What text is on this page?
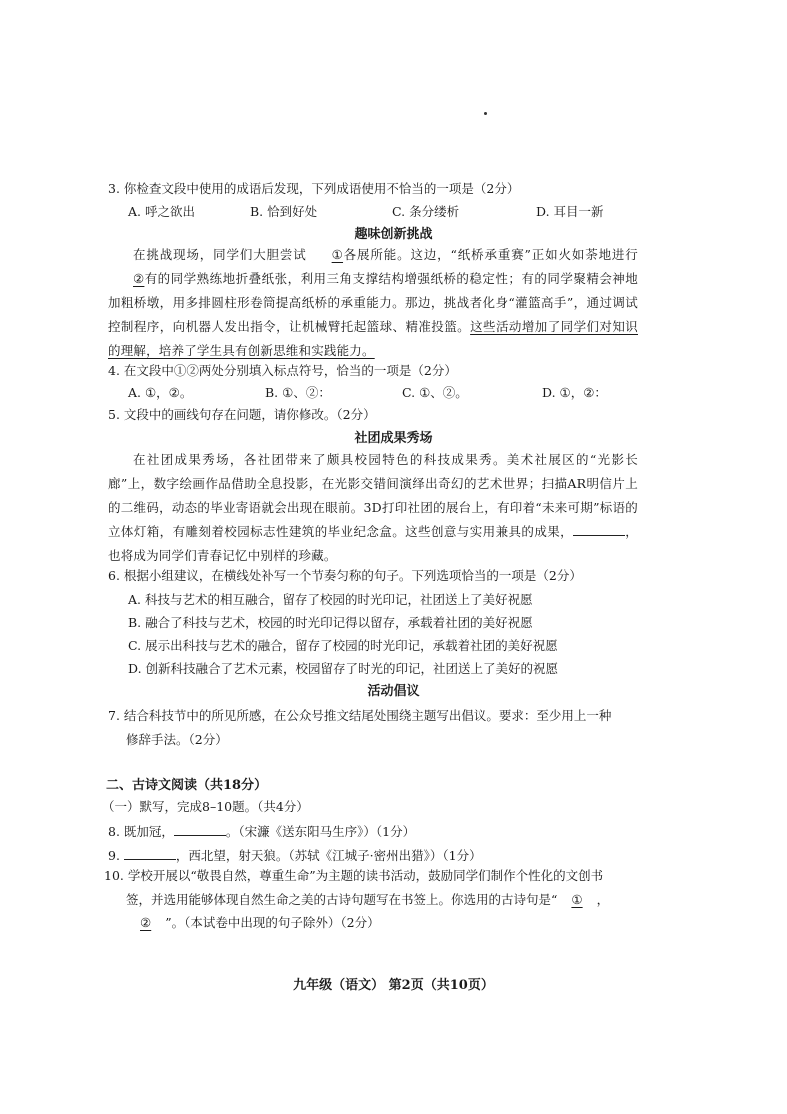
3. 你检查文段中使用的成语后发现，下列成语使用不恰当的一项是（2分）
A. 呼之欲出	B. 恰到好处	C. 条分缕析	D. 耳目一新
趣味创新挑战
在挑战现场，同学们大胆尝试 ①各展所能。这边，“纸桥承重赛”正如火如荼地进行②有的同学熟练地折叠纸张，利用三角支撑结构增强纸桥的稳定性；有的同学聚精会神地加粗桥墩，用多排圆柱形卷筒提高纸桥的承重能力。那边，挑战者化身“灌篮高手”，通过调试控制程序，向机器人发出指令，让机械臂托起篮球、精准投篮。这些活动增加了同学们对知识的理解，培养了学生具有创新思维和实践能力。
4. 在文段中①②两处分别填入标点符号，恰当的一项是（2分）
A. ①，②。	B. ①、②：	C. ①、②。	D. ①，②：
5. 文段中的画线句存在问题，请你修改。（2分）
社团成果秀场
在社团成果秀场，各社团带来了颇具校园特色的科技成果秀。美术社展区的“光影长廊”上，数字绘画作品借助全息投影，在光影交错间演绎出奇幻的艺术世界；扫描AR明信片上的二维码，动态的毕业寄语就会出现在眼前。3D打印社团的展台上，有印着“未来可期”标语的立体灯箱，有雕刻着校园标志性建筑的毕业纪念盒。这些创意与实用兼具的成果，	，也将成为同学们青春记忆中别样的珍藏。
6. 根据小组建议，在横线处补写一个节奏匀称的句子。下列选项恰当的一项是（2分）
A. 科技与艺术的相互融合，留存了校园的时光印记，社团送上了美好祝愿
B. 融合了科技与艺术，校园的时光印记得以留存，承载着社团的美好祝愿
C. 展示出科技与艺术的融合，留存了校园的时光印记，承载着社团的美好祝愿
D. 创新科技融合了艺术元素，校园留存了时光的印记，社团送上了美好的祝愿
活动倡议
7. 结合科技节中的所见所感，在公众号推文结尾处围绕主题写出倡议。要求：至少用上一种
修辞手法。（2分）
二、古诗文阅读（共18分）
（一）默写，完成8–10题。（共4分）
8. 既加冠，	。（宋濂《送东阳马生序》）（1分）
9.	，西北望，射天狼。（苏轼《江城子·密州出猎》）（1分）
10. 学校开展以“敬畏自然，尊重生命”为主题的读书活动，鼓励同学们制作个性化的文创书
签，并选用能够体现自然生命之美的古诗句题写在书签上。你选用的古诗句是“ ① ，
② ”。（本试卷中出现的句子除外）（2分）
九年级（语文） 第2页（共10页）
